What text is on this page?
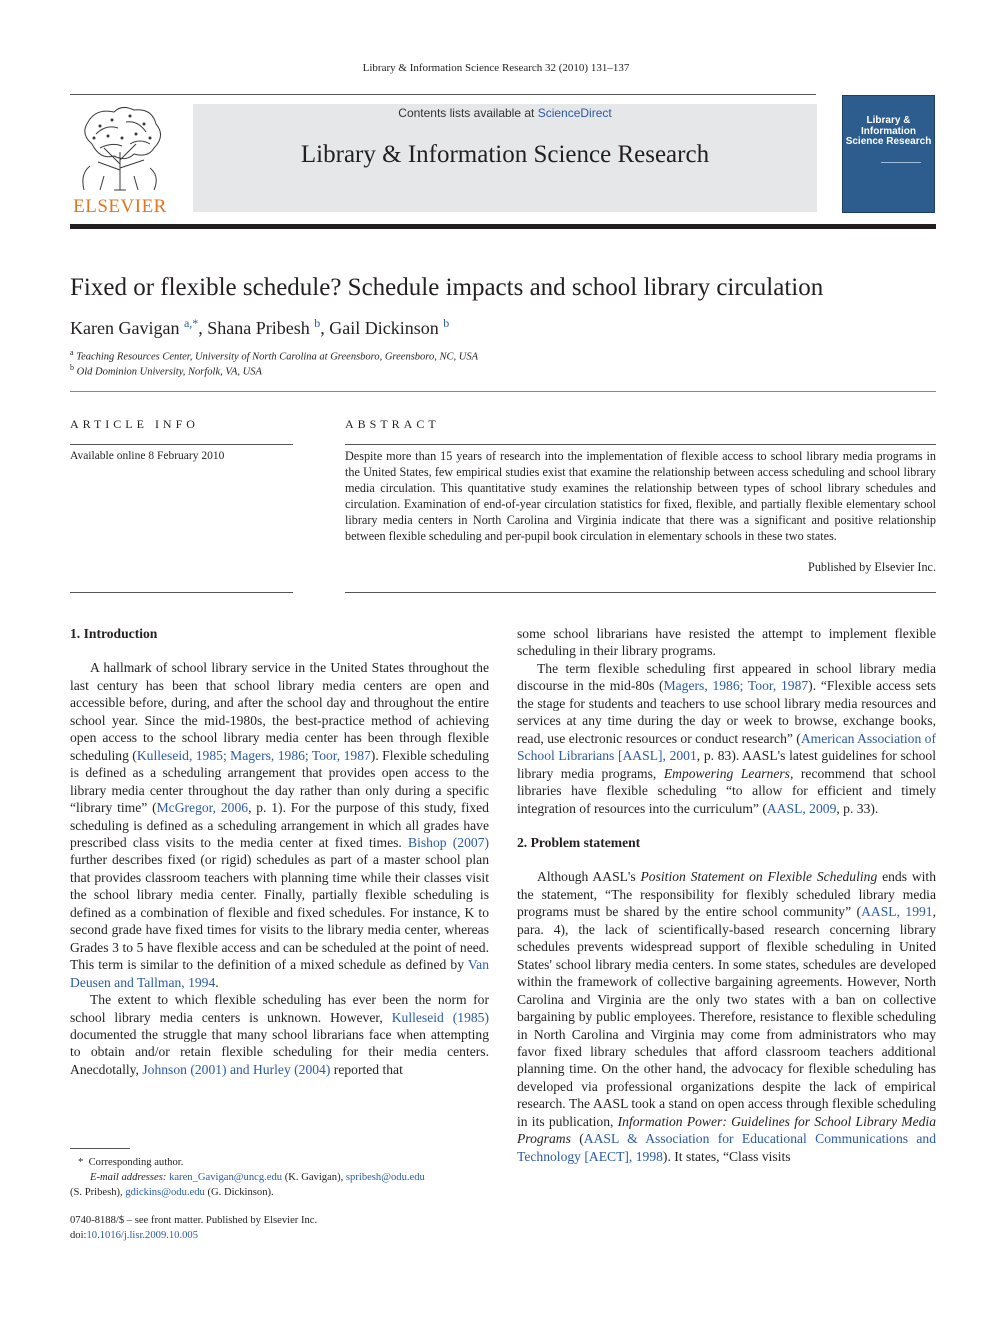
Library & Information Science Research 32 (2010) 131–137
ELSEVIER
Contents lists available at ScienceDirect
Library & Information Science Research
Library & Information Science Research
Fixed or flexible schedule? Schedule impacts and school library circulation
Karen Gavigan $^{a,*}$, Shana Pribesh $^b$, Gail Dickinson $^b$
$^a$ Teaching Resources Center, University of North Carolina at Greensboro, Greensboro, NC, USA
$^b$ Old Dominion University, Norfolk, VA, USA
ARTICLE INFO
Available online 8 February 2010
ABSTRACT
Despite more than 15 years of research into the implementation of flexible access to school library media programs in the United States, few empirical studies exist that examine the relationship between access scheduling and school library media circulation. This quantitative study examines the relationship between types of school library schedules and circulation. Examination of end-of-year circulation statistics for fixed, flexible, and partially flexible elementary school library media centers in North Carolina and Virginia indicate that there was a significant and positive relationship between flexible scheduling and per-pupil book circulation in elementary schools in these two states.
Published by Elsevier Inc.
1. Introduction

A hallmark of school library service in the United States throughout the last century has been that school library media centers are open and accessible before, during, and after the school day and throughout the entire school year. Since the mid-1980s, the best-practice method of achieving open access to the school library media center has been through flexible scheduling (Kulleseid, 1985; Magers, 1986; Toor, 1987). Flexible scheduling is defined as a scheduling arrangement that provides open access to the library media center throughout the day rather than only during a specific “library time” (McGregor, 2006, p. 1). For the purpose of this study, fixed scheduling is defined as a scheduling arrangement in which all grades have prescribed class visits to the media center at fixed times. Bishop (2007) further describes fixed (or rigid) schedules as part of a master school plan that provides classroom teachers with planning time while their classes visit the school library media center. Finally, partially flexible scheduling is defined as a combination of flexible and fixed schedules. For instance, K to second grade have fixed times for visits to the library media center, whereas Grades 3 to 5 have flexible access and can be scheduled at the point of need. This term is similar to the definition of a mixed schedule as defined by Van Deusen and Tallman, 1994.

The extent to which flexible scheduling has ever been the norm for school library media centers is unknown. However, Kulleseid (1985) documented the struggle that many school librarians face when attempting to obtain and/or retain flexible scheduling for their media centers. Anecdotally, Johnson (2001) and Hurley (2004) reported that

some school librarians have resisted the attempt to implement flexible scheduling in their library programs.

The term flexible scheduling first appeared in school library media discourse in the mid-80s (Magers, 1986; Toor, 1987). “Flexible access sets the stage for students and teachers to use school library media resources and services at any time during the day or week to browse, exchange books, read, use electronic resources or conduct research” (American Association of School Librarians [AASL], 2001, p. 83). AASL's latest guidelines for school library media programs, Empowering Learners, recommend that school libraries have flexible scheduling “to allow for efficient and timely integration of resources into the curriculum” (AASL, 2009, p. 33).

2. Problem statement

Although AASL's Position Statement on Flexible Scheduling ends with the statement, “The responsibility for flexibly scheduled library media programs must be shared by the entire school community” (AASL, 1991, para. 4), the lack of scientifically-based research concerning library schedules prevents widespread support of flexible scheduling in United States' school library media centers. In some states, schedules are developed within the framework of collective bargaining agreements. However, North Carolina and Virginia are the only two states with a ban on collective bargaining by public employees. Therefore, resistance to flexible scheduling in North Carolina and Virginia may come from administrators who may favor fixed library schedules that afford classroom teachers additional planning time. On the other hand, the advocacy for flexible scheduling has developed via professional organizations despite the lack of empirical research. The AASL took a stand on open access through flexible scheduling in its publication, Information Power: Guidelines for School Library Media Programs (AASL & Association for Educational Communications and Technology [AECT], 1998). It states, “Class visits

* Corresponding author.
E-mail addresses: karen_Gavigan@uncg.edu (K. Gavigan), spribesh@odu.edu
(S. Pribesh), gdickins@odu.edu (G. Dickinson).
0740-8188/$ – see front matter. Published by Elsevier Inc.
doi:10.1016/j.lisr.2009.10.005
